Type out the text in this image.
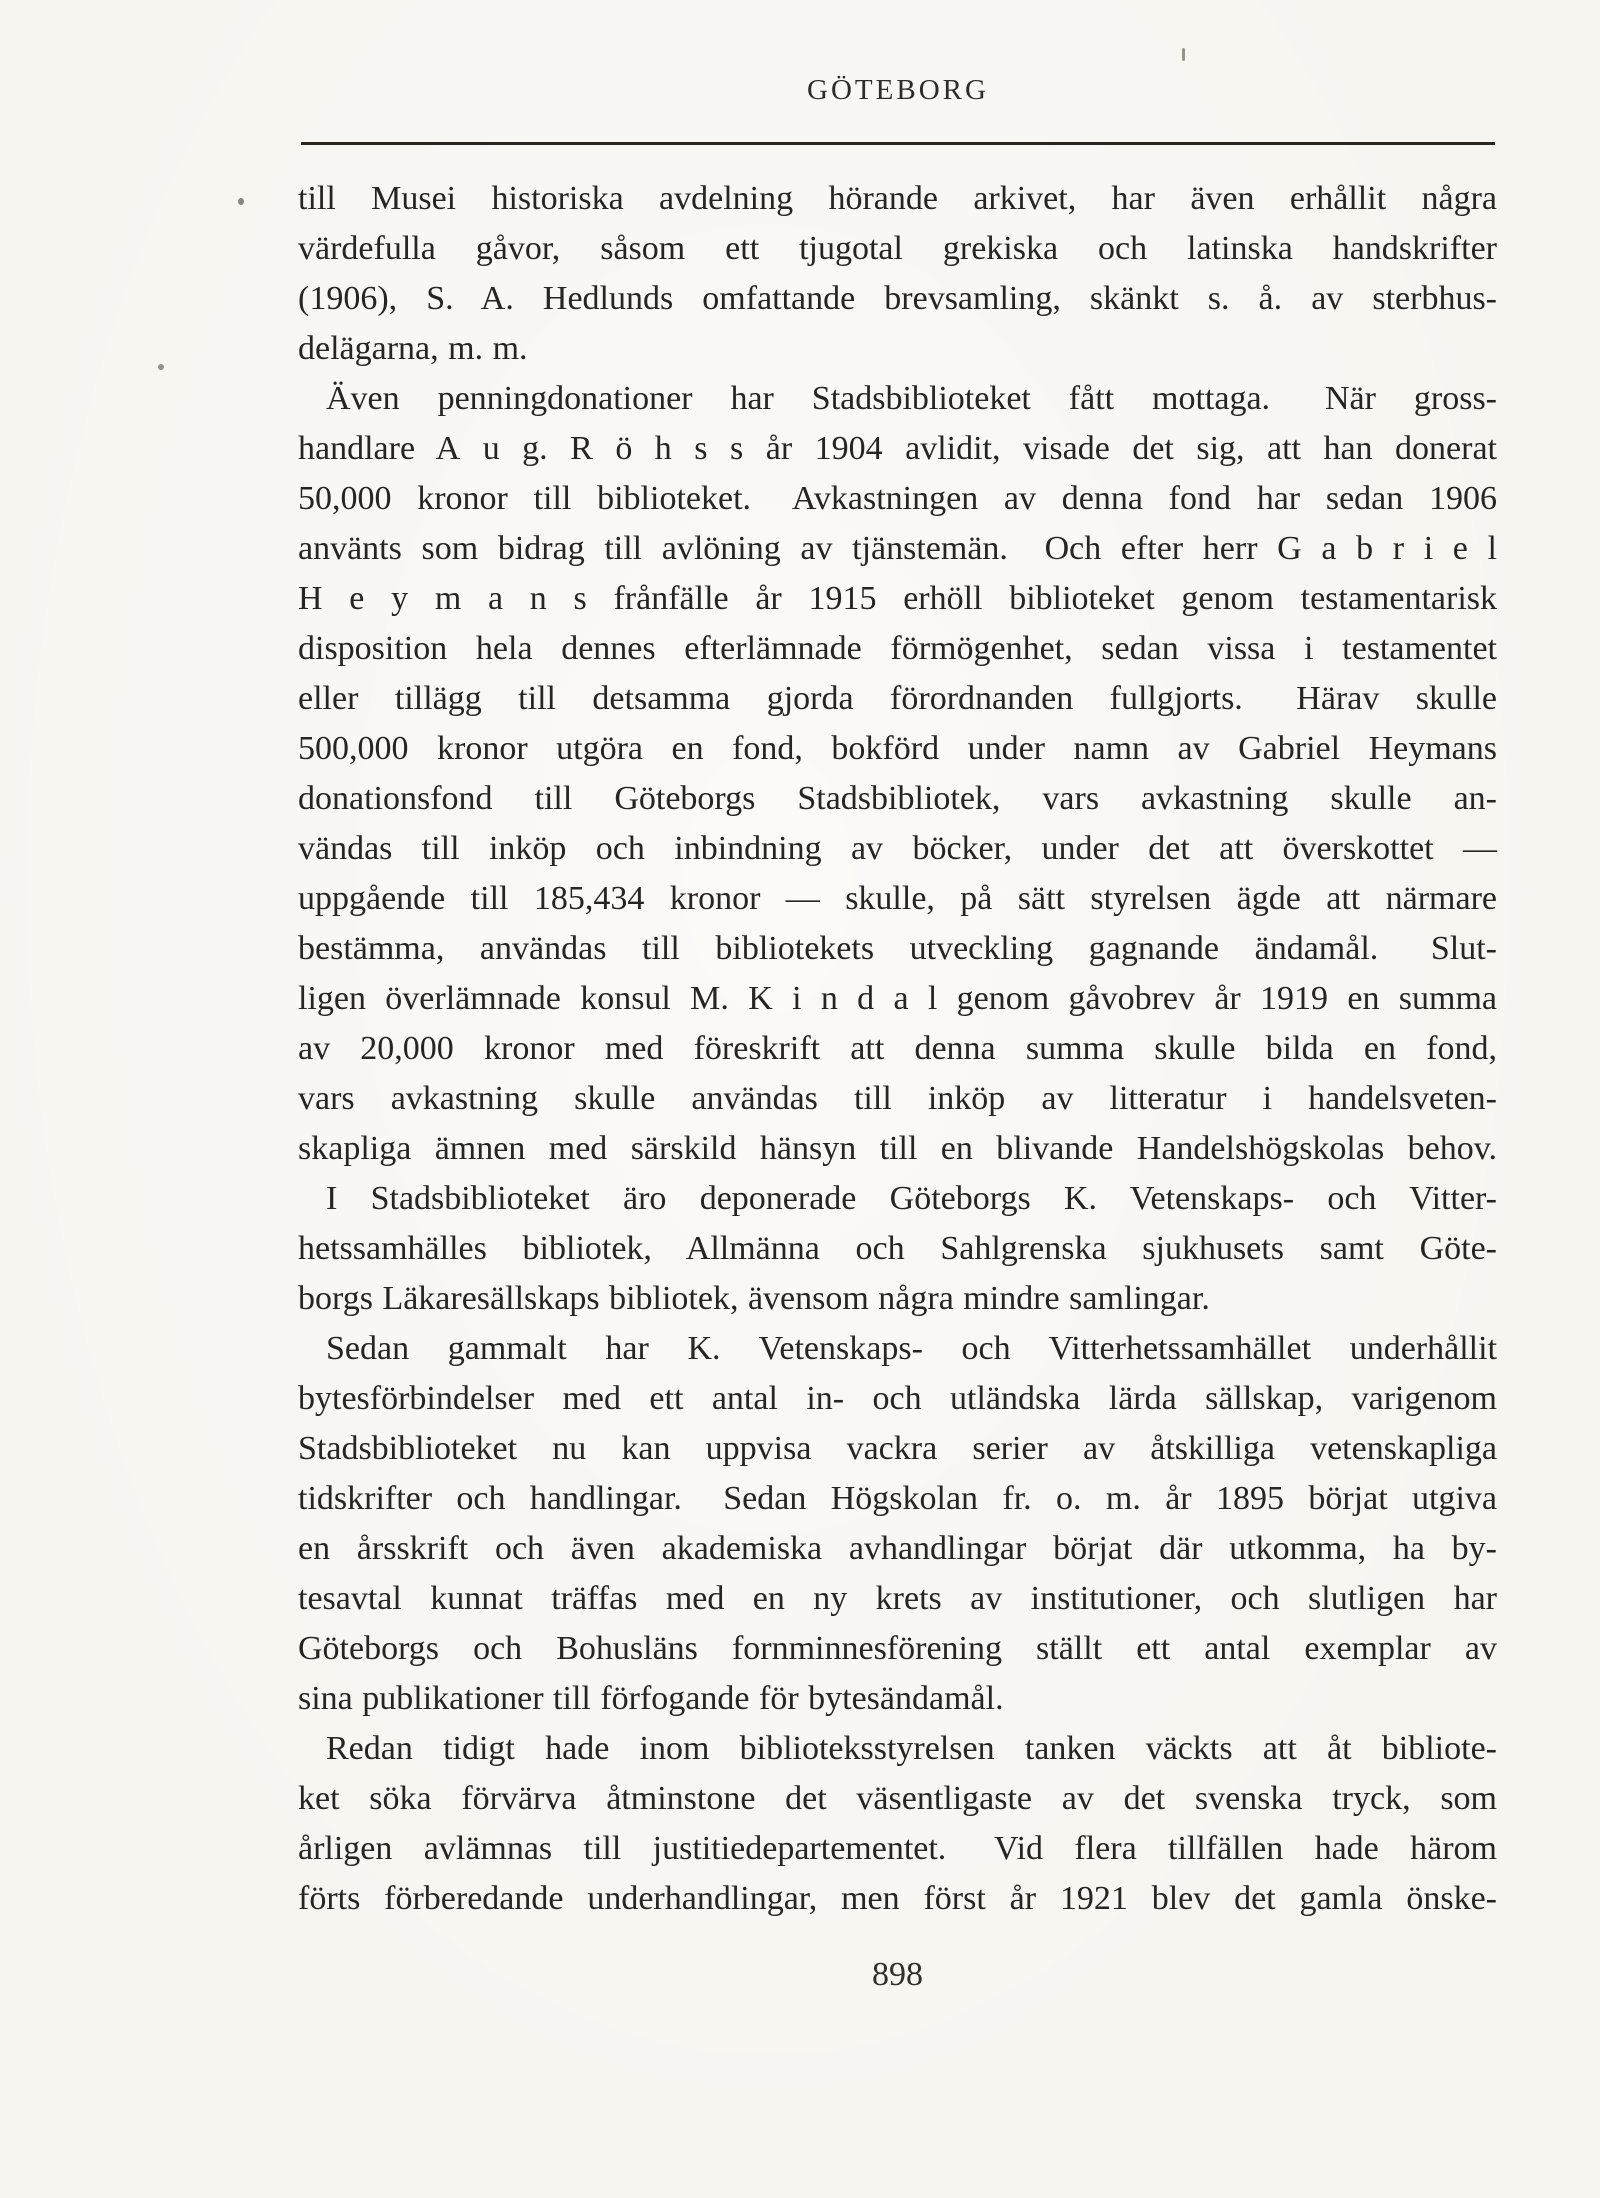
GÖTEBORG
till Musei historiska avdelning hörande arkivet, har även erhållit några
värdefulla gåvor, såsom ett tjugotal grekiska och latinska handskrifter
(1906), S. A. Hedlunds omfattande brevsamling, skänkt s. å. av sterbhus-
delägarna, m. m.
Även penningdonationer har Stadsbiblioteket fått mottaga.  När gross-
handlare A u g. R ö h s s år 1904 avlidit, visade det sig, att han donerat
50,000 kronor till biblioteket.  Avkastningen av denna fond har sedan 1906
använts som bidrag till avlöning av tjänstemän.  Och efter herr G a b r i e l
H e y m a n s frånfälle år 1915 erhöll biblioteket genom testamentarisk
disposition hela dennes efterlämnade förmögenhet, sedan vissa i testamentet
eller tillägg till detsamma gjorda förordnanden fullgjorts.  Härav skulle
500,000 kronor utgöra en fond, bokförd under namn av Gabriel Heymans
donationsfond till Göteborgs Stadsbibliotek, vars avkastning skulle an-
vändas till inköp och inbindning av böcker, under det att överskottet —
uppgående till 185,434 kronor — skulle, på sätt styrelsen ägde att närmare
bestämma, användas till bibliotekets utveckling gagnande ändamål.  Slut-
ligen överlämnade konsul M. K i n d a l genom gåvobrev år 1919 en summa
av 20,000 kronor med föreskrift att denna summa skulle bilda en fond,
vars avkastning skulle användas till inköp av litteratur i handelsveten-
skapliga ämnen med särskild hänsyn till en blivande Handelshögskolas behov.
I Stadsbiblioteket äro deponerade Göteborgs K. Vetenskaps- och Vitter-
hetssamhälles bibliotek, Allmänna och Sahlgrenska sjukhusets samt Göte-
borgs Läkaresällskaps bibliotek, ävensom några mindre samlingar.
Sedan gammalt har K. Vetenskaps- och Vitterhetssamhället underhållit
bytesförbindelser med ett antal in- och utländska lärda sällskap, varigenom
Stadsbiblioteket nu kan uppvisa vackra serier av åtskilliga vetenskapliga
tidskrifter och handlingar.  Sedan Högskolan fr. o. m. år 1895 börjat utgiva
en årsskrift och även akademiska avhandlingar börjat där utkomma, ha by-
tesavtal kunnat träffas med en ny krets av institutioner, och slutligen har
Göteborgs och Bohusläns fornminnesförening ställt ett antal exemplar av
sina publikationer till förfogande för bytesändamål.
Redan tidigt hade inom biblioteksstyrelsen tanken väckts att åt bibliote-
ket söka förvärva åtminstone det väsentligaste av det svenska tryck, som
årligen avlämnas till justitiedepartementet.  Vid flera tillfällen hade härom
förts förberedande underhandlingar, men först år 1921 blev det gamla önske-
898
